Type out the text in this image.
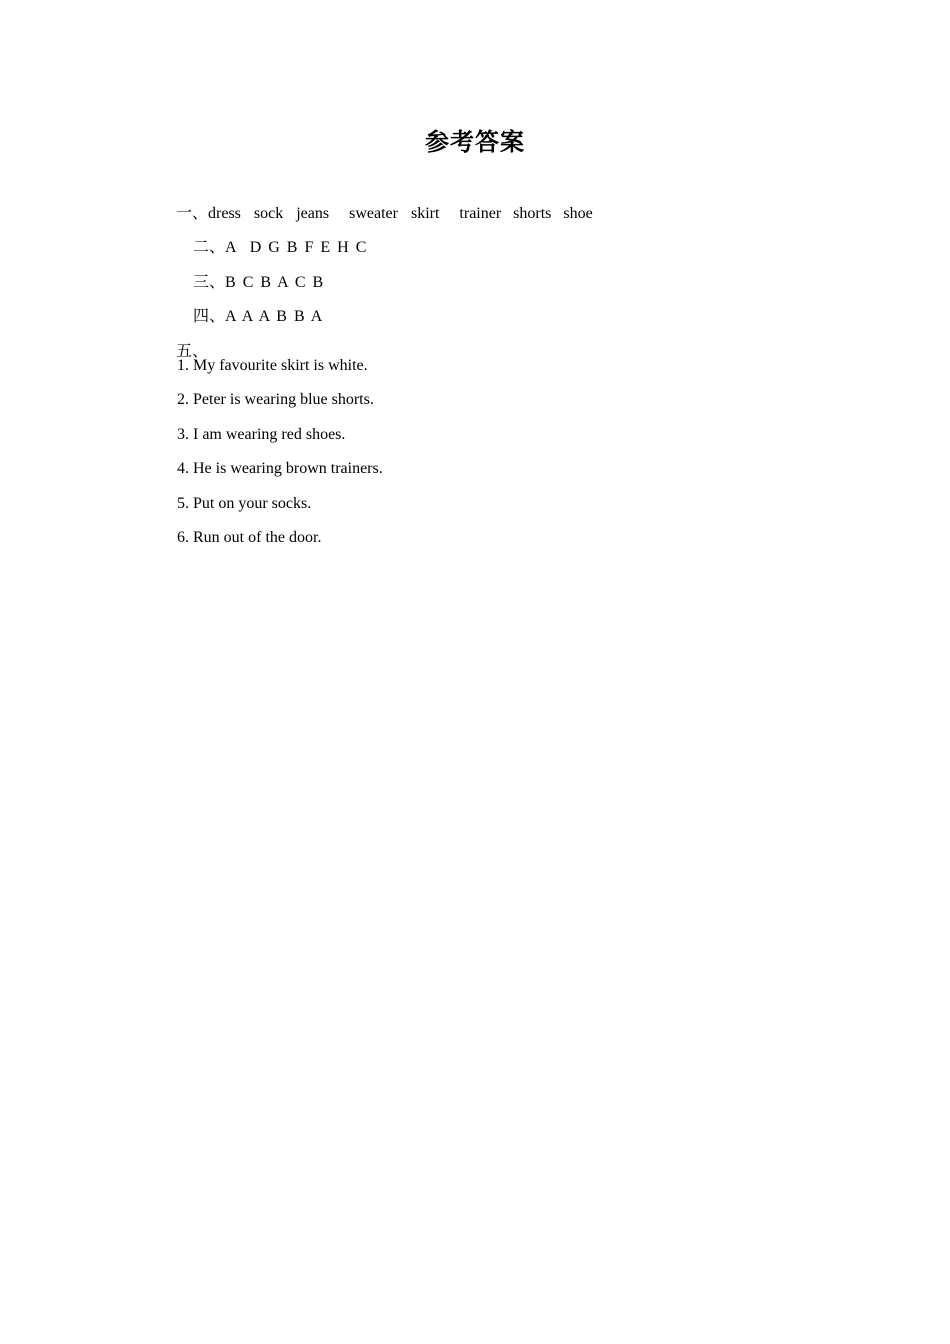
参考答案

一、dress sock jeans sweater skirt trainer shorts shoe

二、A  D G B F E H C

三、B C B A C B

四、A A A B B A

五、

1. My favourite skirt is white.
2. Peter is wearing blue shorts.
3. I am wearing red shoes.
4. He is wearing brown trainers.
5. Put on your socks.
6. Run out of the door.
